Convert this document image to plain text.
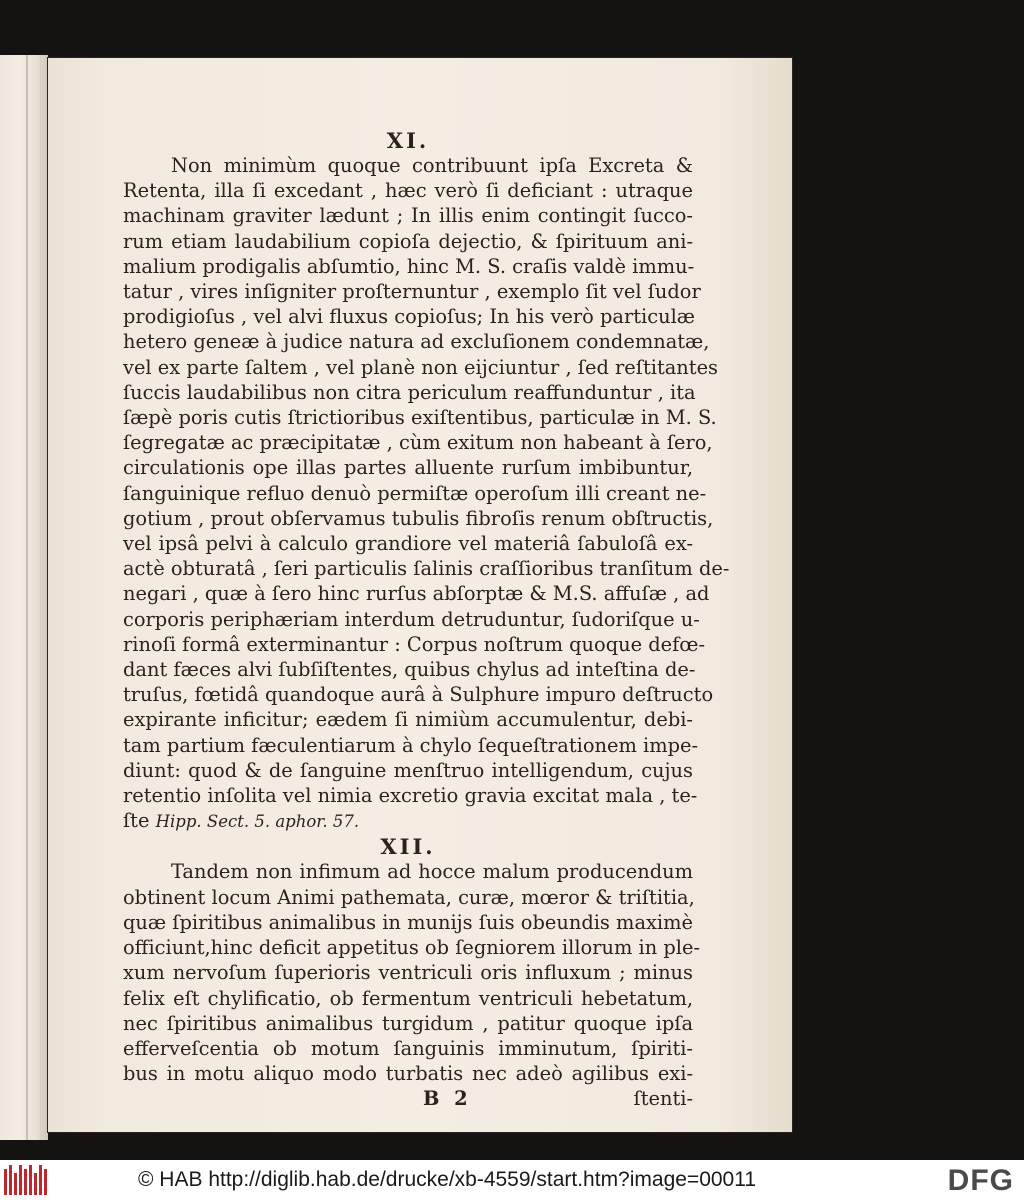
XI.
Non minimùm quoque contribuunt ipſa Excreta &
Retenta, illa ſi excedant , hæc verò ſi deficiant : utraque
machinam graviter lædunt ; In illis enim contingit ſucco-
rum etiam laudabilium copioſa dejectio, & ſpirituum ani-
malium prodigalis abſumtio, hinc M. S. craſis valdè immu-
tatur , vires inſigniter proſternuntur , exemplo ſit vel ſudor
prodigioſus , vel alvi fluxus copioſus; In his verò particulæ
hetero geneæ à judice natura ad excluſionem condemnatæ,
vel ex parte ſaltem , vel planè non eijciuntur , ſed reſtitantes
ſuccis laudabilibus non citra periculum reaffunduntur , ita
ſæpè poris cutis ſtrictioribus exiſtentibus, particulæ in M. S.
ſegregatæ ac præcipitatæ , cùm exitum non habeant à ſero,
circulationis ope illas partes alluente rurſum imbibuntur,
ſanguinique refluo denuò permiſtæ operoſum illi creant ne-
gotium , prout obſervamus tubulis fibroſis renum obſtructis,
vel ipsâ pelvi à calculo grandiore vel materiâ ſabuloſâ ex-
actè obturatâ , ſeri particulis ſalinis craſſioribus tranſitum de-
negari , quæ à ſero hinc rurſus abſorptæ & M.S. affuſæ , ad
corporis periphæriam interdum detruduntur, ſudoriſque u-
rinoſi formâ exterminantur : Corpus noſtrum quoque defœ-
dant fæces alvi ſubſiſtentes, quibus chylus ad inteſtina de-
truſus, fœtidâ quandoque aurâ à Sulphure impuro deſtructo
expirante inficitur; eædem ſi nimiùm accumulentur, debi-
tam partium fæculentiarum à chylo ſequeſtrationem impe-
diunt: quod & de ſanguine menſtruo intelligendum, cujus
retentio inſolita vel nimia excretio gravia excitat mala , te-
ſte Hipp. Sect. 5. aphor. 57.
XII.
Tandem non infimum ad hocce malum producendum
obtinent locum Animi pathemata, curæ, mœror & triſtitia,
quæ ſpiritibus animalibus in munijs ſuis obeundis maximè
officiunt,hinc deficit appetitus ob ſegniorem illorum in ple-
xum nervoſum ſuperioris ventriculi oris influxum ; minus
felix eſt chylificatio, ob fermentum ventriculi hebetatum,
nec ſpiritibus animalibus turgidum , patitur quoque ipſa
efferveſcentia ob motum ſanguinis imminutum, ſpiriti-
bus in motu aliquo modo turbatis nec adeò agilibus exi-
B 2	ſtenti-
© HAB http://diglib.hab.de/drucke/xb-4559/start.htm?image=00011	DFG
